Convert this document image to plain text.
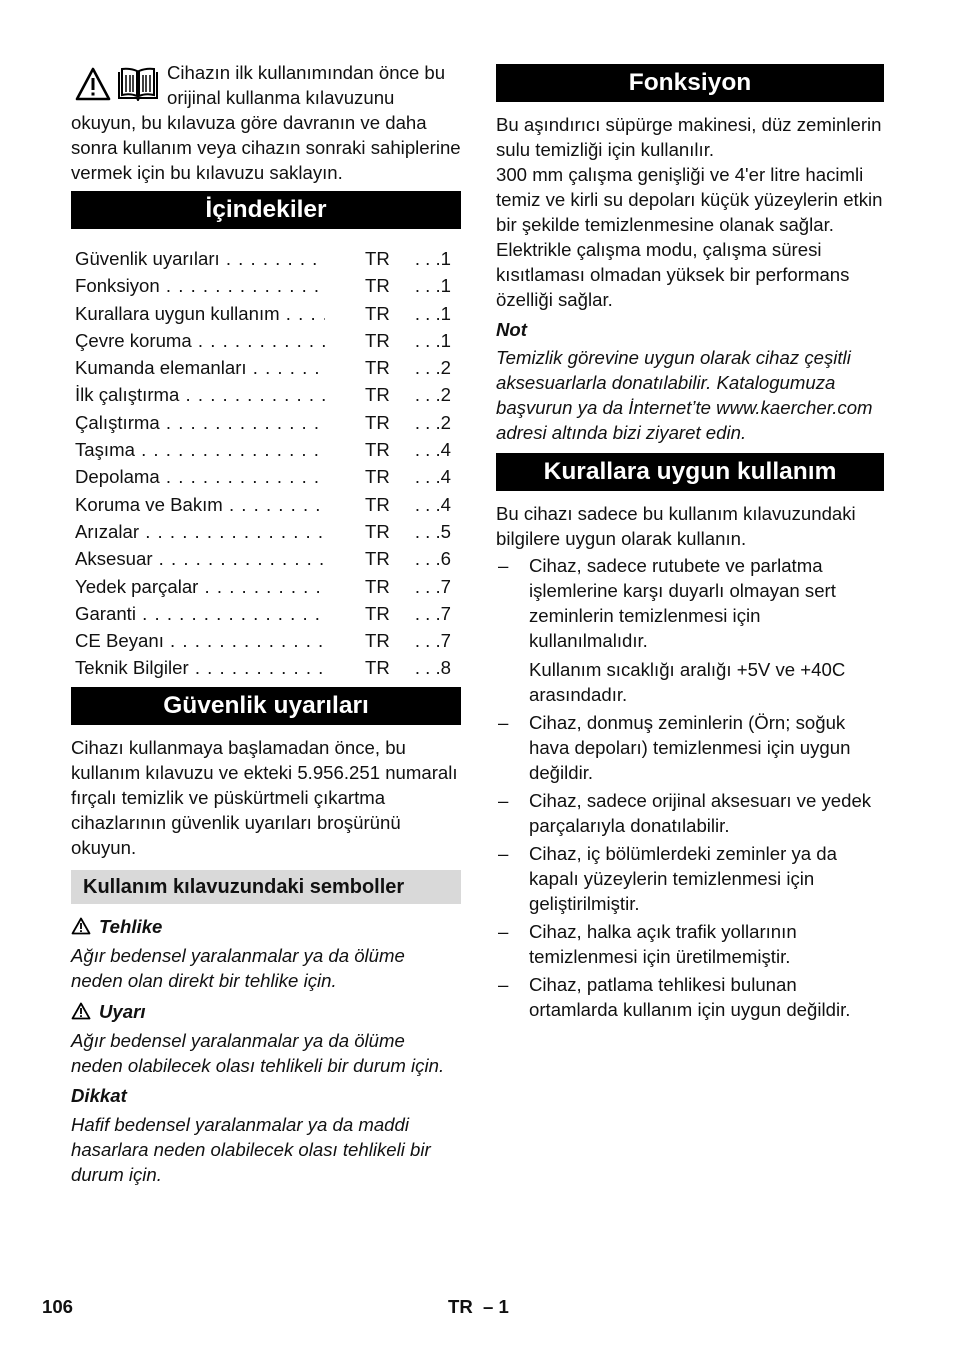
Cihazın ilk kullanımından önce bu orijinal kullanma kılavuzunu okuyun, bu kılavuza göre davranın ve daha sonra kullanım veya cihazın sonraki sahiplerine vermek için bu kılavuzu saklayın.
İçindekiler
Güvenlik uyarıları . . .	TR	. . .1
Fonksiyon . . .	TR	. . .1
Kurallara uygun kullanım . . .	TR	. . .1
Çevre koruma . . .	TR	. . .1
Kumanda elemanları . . .	TR	. . .2
İlk çalıştırma . . .	TR	. . .2
Çalıştırma . . .	TR	. . .2
Taşıma . . .	TR	. . .4
Depolama . . .	TR	. . .4
Koruma ve Bakım . . .	TR	. . .4
Arızalar . . .	TR	. . .5
Aksesuar . . .	TR	. . .6
Yedek parçalar . . .	TR	. . .7
Garanti . . .	TR	. . .7
CE Beyanı . . .	TR	. . .7
Teknik Bilgiler . . .	TR	. . .8
Güvenlik uyarıları

Cihazı kullanmaya başlamadan önce, bu kullanım kılavuzu ve ekteki 5.956.251 numaralı fırçalı temizlik ve püskürtmeli çıkartma cihazlarının güvenlik uyarıları broşürünü okuyun.

Kullanım kılavuzundaki semboller
Tehlike

Ağır bedensel yaralanmalar ya da ölüme neden olan direkt bir tehlike için.

Uyarı

Ağır bedensel yaralanmalar ya da ölüme neden olabilecek olası tehlikeli bir durum için.

Dikkat

Hafif bedensel yaralanmalar ya da maddi hasarlara neden olabilecek olası tehlikeli bir durum için.

Fonksiyon

Bu aşındırıcı süpürge makinesi, düz zeminlerin sulu temizliği için kullanılır.

300 mm çalışma genişliği ve 4'er litre hacimli temiz ve kirli su depoları küçük yüzeylerin etkin bir şekilde temizlenmesine olanak sağlar.

Elektrikle çalışma modu, çalışma süresi kısıtlaması olmadan yüksek bir performans özelliği sağlar.

Not

Temizlik görevine uygun olarak cihaz çeşitli aksesuarlarla donatılabilir. Katalogumuza başvurun ya da İnternet’te www.kaercher.com adresi altında bizi ziyaret edin.

Kurallara uygun kullanım

Bu cihazı sadece bu kullanım kılavuzundaki bilgilere uygun olarak kullanın.

– Cihaz, sadece rutubete ve parlatma işlemlerine karşı duyarlı olmayan sert zeminlerin temizlenmesi için kullanılmalıdır.
Kullanım sıcaklığı aralığı +5V ve +40C arasındadır.
– Cihaz, donmuş zeminlerin (Örn; soğuk hava depoları) temizlenmesi için uygun değildir.
– Cihaz, sadece orijinal aksesuarı ve yedek parçalarıyla donatılabilir.
– Cihaz, iç bölümlerdeki zeminler ya da kapalı yüzeylerin temizlenmesi için geliştirilmiştir.
– Cihaz, halka açık trafik yollarının temizlenmesi için üretilmemiştir.
– Cihaz, patlama tehlikesi bulunan ortamlarda kullanım için uygun değildir.
106	TR – 1
